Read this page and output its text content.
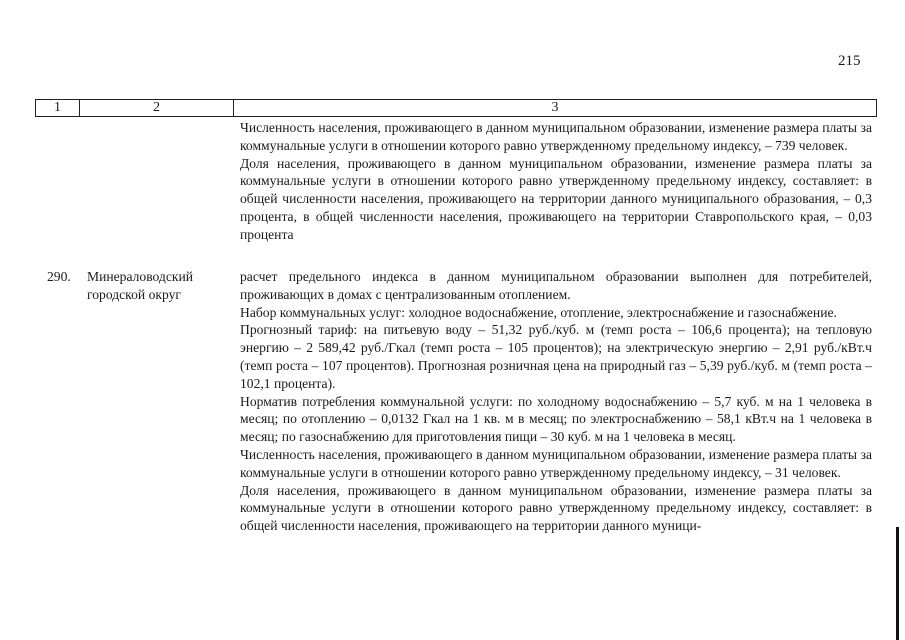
215
1	2	3

Численность населения, проживающего в данном муниципальном образовании, изменение размера платы за коммунальные услуги в отношении которого равно утвержденному предельному индексу, – 739 человек.

Доля населения, проживающего в данном муниципальном образовании, изменение размера платы за коммунальные услуги в отношении которого равно утвержденному предельному индексу, составляет: в общей численности населения, проживающего на территории данного муниципального образования, – 0,3 процента, в общей численности населения, проживающего на территории Ставропольского края, – 0,03 процента

290. Минераловодский городской округ

расчет предельного индекса в данном муниципальном образовании выполнен для потребителей, проживающих в домах с централизованным отоплением.

Набор коммунальных услуг: холодное водоснабжение, отопление, электроснабжение и газоснабжение.

Прогнозный тариф: на питьевую воду – 51,32 руб./куб. м (темп роста – 106,6 процента); на тепловую энергию – 2 589,42 руб./Гкал (темп роста – 105 процентов); на электрическую энергию – 2,91 руб./кВт.ч (темп роста – 107 процентов). Прогнозная розничная цена на природный газ – 5,39 руб./куб. м (темп роста – 102,1 процента).

Норматив потребления коммунальной услуги: по холодному водоснабжению – 5,7 куб. м на 1 человека в месяц; по отоплению – 0,0132 Гкал на 1 кв. м в месяц; по электроснабжению – 58,1 кВт.ч на 1 человека в месяц; по газоснабжению для приготовления пищи – 30 куб. м на 1 человека в месяц.

Численность населения, проживающего в данном муниципальном образовании, изменение размера платы за коммунальные услуги в отношении которого равно утвержденному предельному индексу, – 31 человек.

Доля населения, проживающего в данном муниципальном образовании, изменение размера платы за коммунальные услуги в отношении которого равно утвержденному предельному индексу, составляет: в общей численности населения, проживающего на территории данного муници-
